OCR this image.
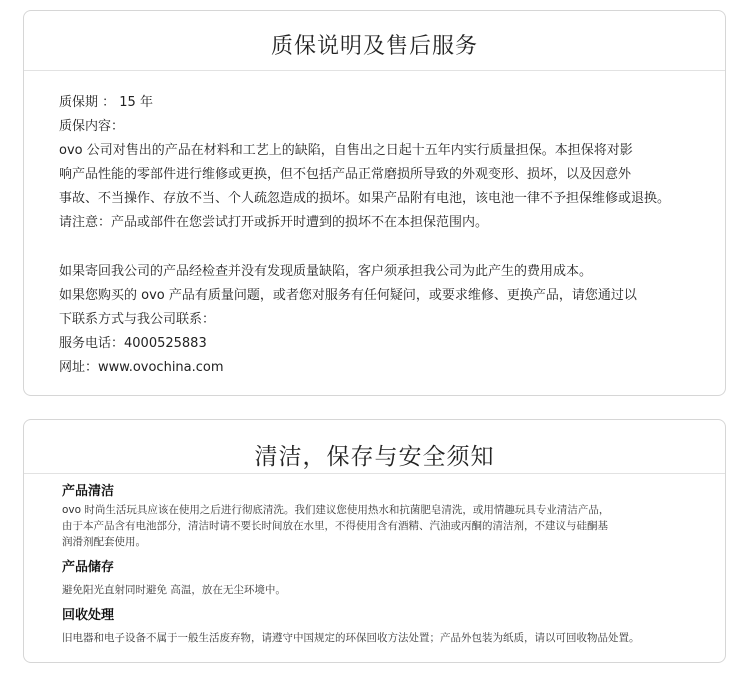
质保说明及售后服务
质保期 ： 15 年
质保内容：
ovo 公司对售出的产品在材料和工艺上的缺陷，自售出之日起十五年内实行质量担保。本担保将对影
响产品性能的零部件进行维修或更换，但不包括产品正常磨损所导致的外观变形、损坏，以及因意外
事故、不当操作、存放不当、个人疏忽造成的损坏。如果产品附有电池，该电池一律不予担保维修或退换。
请注意：产品或部件在您尝试打开或拆开时遭到的损坏不在本担保范围内。
如果寄回我公司的产品经检查并没有发现质量缺陷，客户须承担我公司为此产生的费用成本。
如果您购买的 ovo 产品有质量问题，或者您对服务有任何疑问，或要求维修、更换产品，请您通过以
下联系方式与我公司联系：
服务电话：4000525883
网址：www.ovochina.com
清洁，保存与安全须知
产品清洁
ovo 时尚生活玩具应该在使用之后进行彻底清洗。我们建议您使用热水和抗菌肥皂清洗，或用情趣玩具专业清洁产品，
由于本产品含有电池部分，清洁时请不要长时间放在水里，不得使用含有酒精、汽油或丙酮的清洁剂，不建议与硅酮基
润滑剂配套使用。
产品储存
避免阳光直射同时避免 高温，放在无尘环境中。
回收处理
旧电器和电子设备不属于一般生活废弃物，请遵守中国规定的环保回收方法处置；产品外包装为纸质，请以可回收物品处置。
